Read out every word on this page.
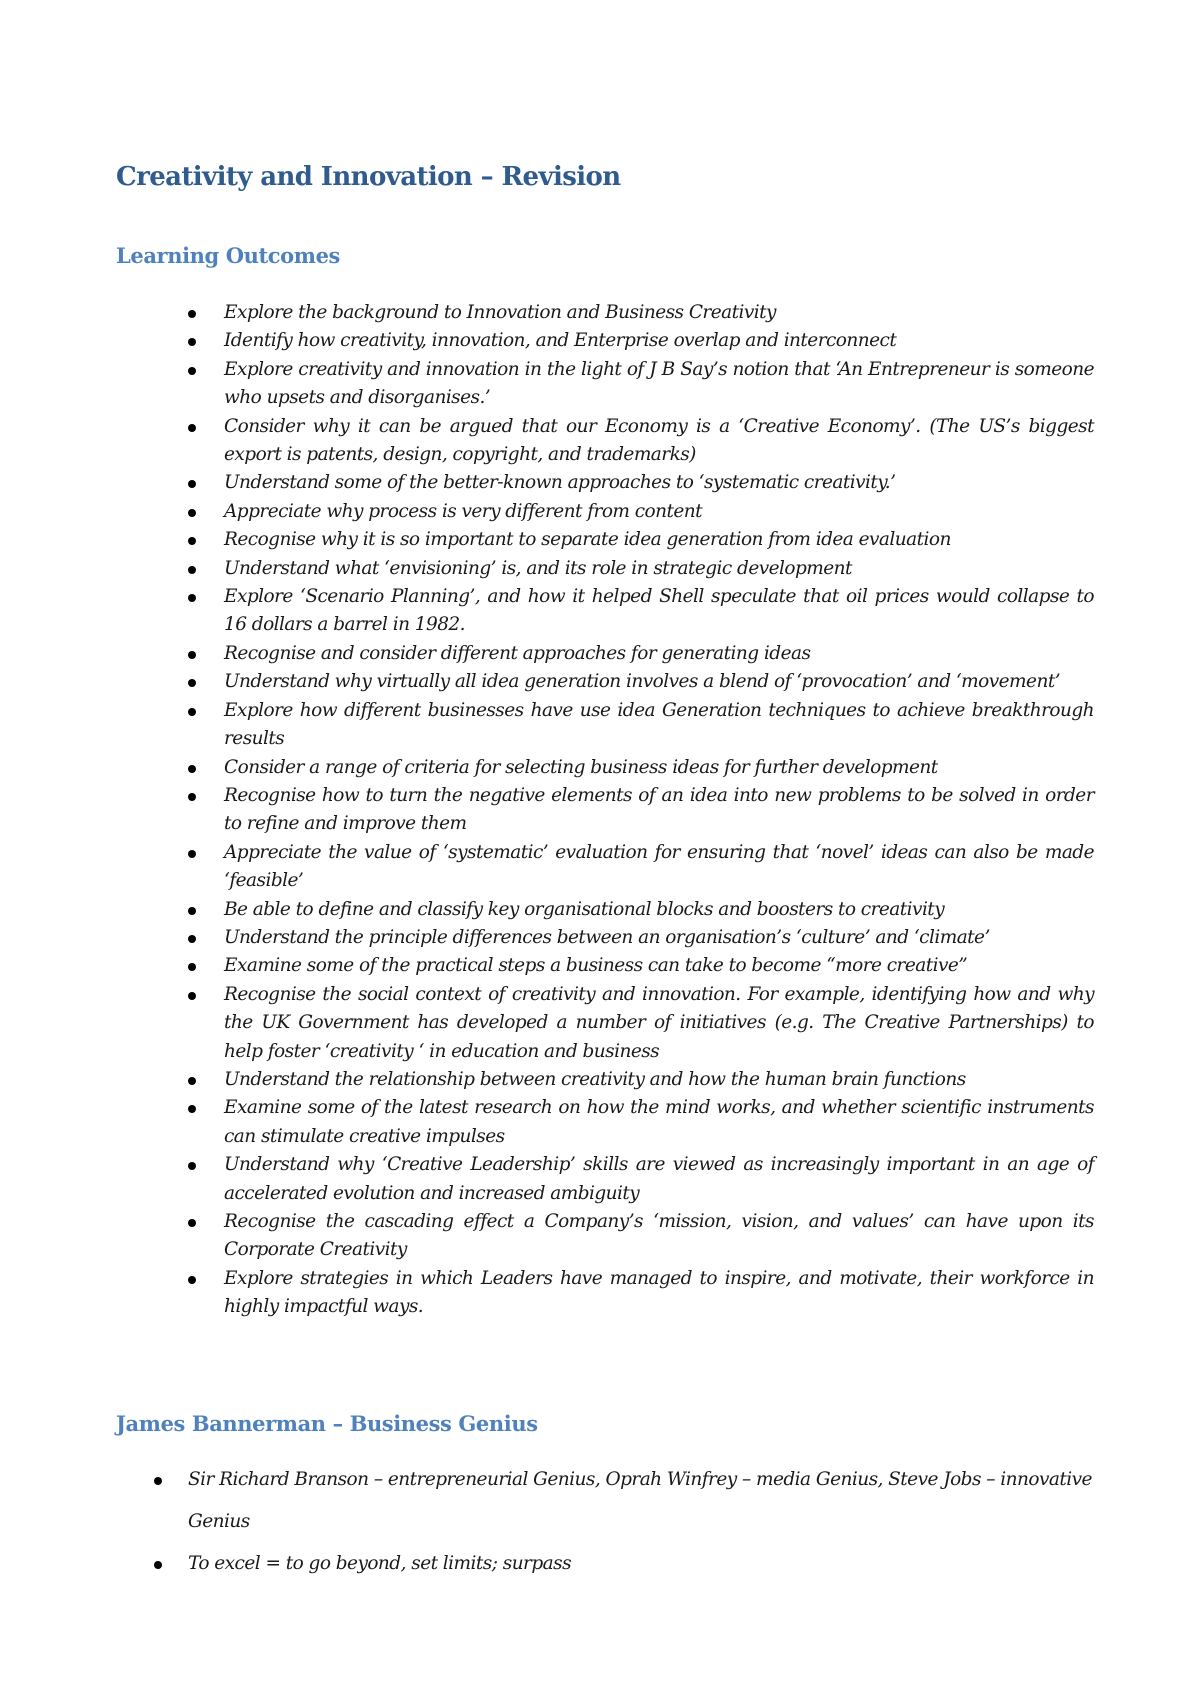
Creativity and Innovation – Revision
Learning Outcomes
Explore the background to Innovation and Business Creativity
Identify how creativity, innovation, and Enterprise overlap and interconnect
Explore creativity and innovation in the light of J B Say’s notion that ‘An Entrepreneur is someone who upsets and disorganises.’
Consider why it can be argued that our Economy is a ‘Creative Economy’. (The US’s biggest export is patents, design, copyright, and trademarks)
Understand some of the better-known approaches to ‘systematic creativity.’
Appreciate why process is very different from content
Recognise why it is so important to separate idea generation from idea evaluation
Understand what ‘envisioning’ is, and its role in strategic development
Explore ‘Scenario Planning’, and how it helped Shell speculate that oil prices would collapse to 16 dollars a barrel in 1982.
Recognise and consider different approaches for generating ideas
Understand why virtually all idea generation involves a blend of ‘provocation’ and ‘movement’
Explore how different businesses have use idea Generation techniques to achieve breakthrough results
Consider a range of criteria for selecting business ideas for further development
Recognise how to turn the negative elements of an idea into new problems to be solved in order to refine and improve them
Appreciate the value of ‘systematic’ evaluation for ensuring that ‘novel’ ideas can also be made ‘feasible’
Be able to define and classify key organisational blocks and boosters to creativity
Understand the principle differences between an organisation’s ‘culture’ and ‘climate’
Examine some of the practical steps a business can take to become “more creative”
Recognise the social context of creativity and innovation. For example, identifying how and why the UK Government has developed a number of initiatives (e.g. The Creative Partnerships) to help foster ‘creativity ‘ in education and business
Understand the relationship between creativity and how the human brain functions
Examine some of the latest research on how the mind works, and whether scientific instruments can stimulate creative impulses
Understand why ‘Creative Leadership’ skills are viewed as increasingly important in an age of accelerated evolution and increased ambiguity
Recognise the cascading effect a Company’s ‘mission, vision, and values’ can have upon its Corporate Creativity
Explore strategies in which Leaders have managed to inspire, and motivate, their workforce in highly impactful ways.
James Bannerman – Business Genius
Sir Richard Branson – entrepreneurial Genius, Oprah Winfrey – media Genius, Steve Jobs – innovative Genius
To excel = to go beyond, set limits; surpass
